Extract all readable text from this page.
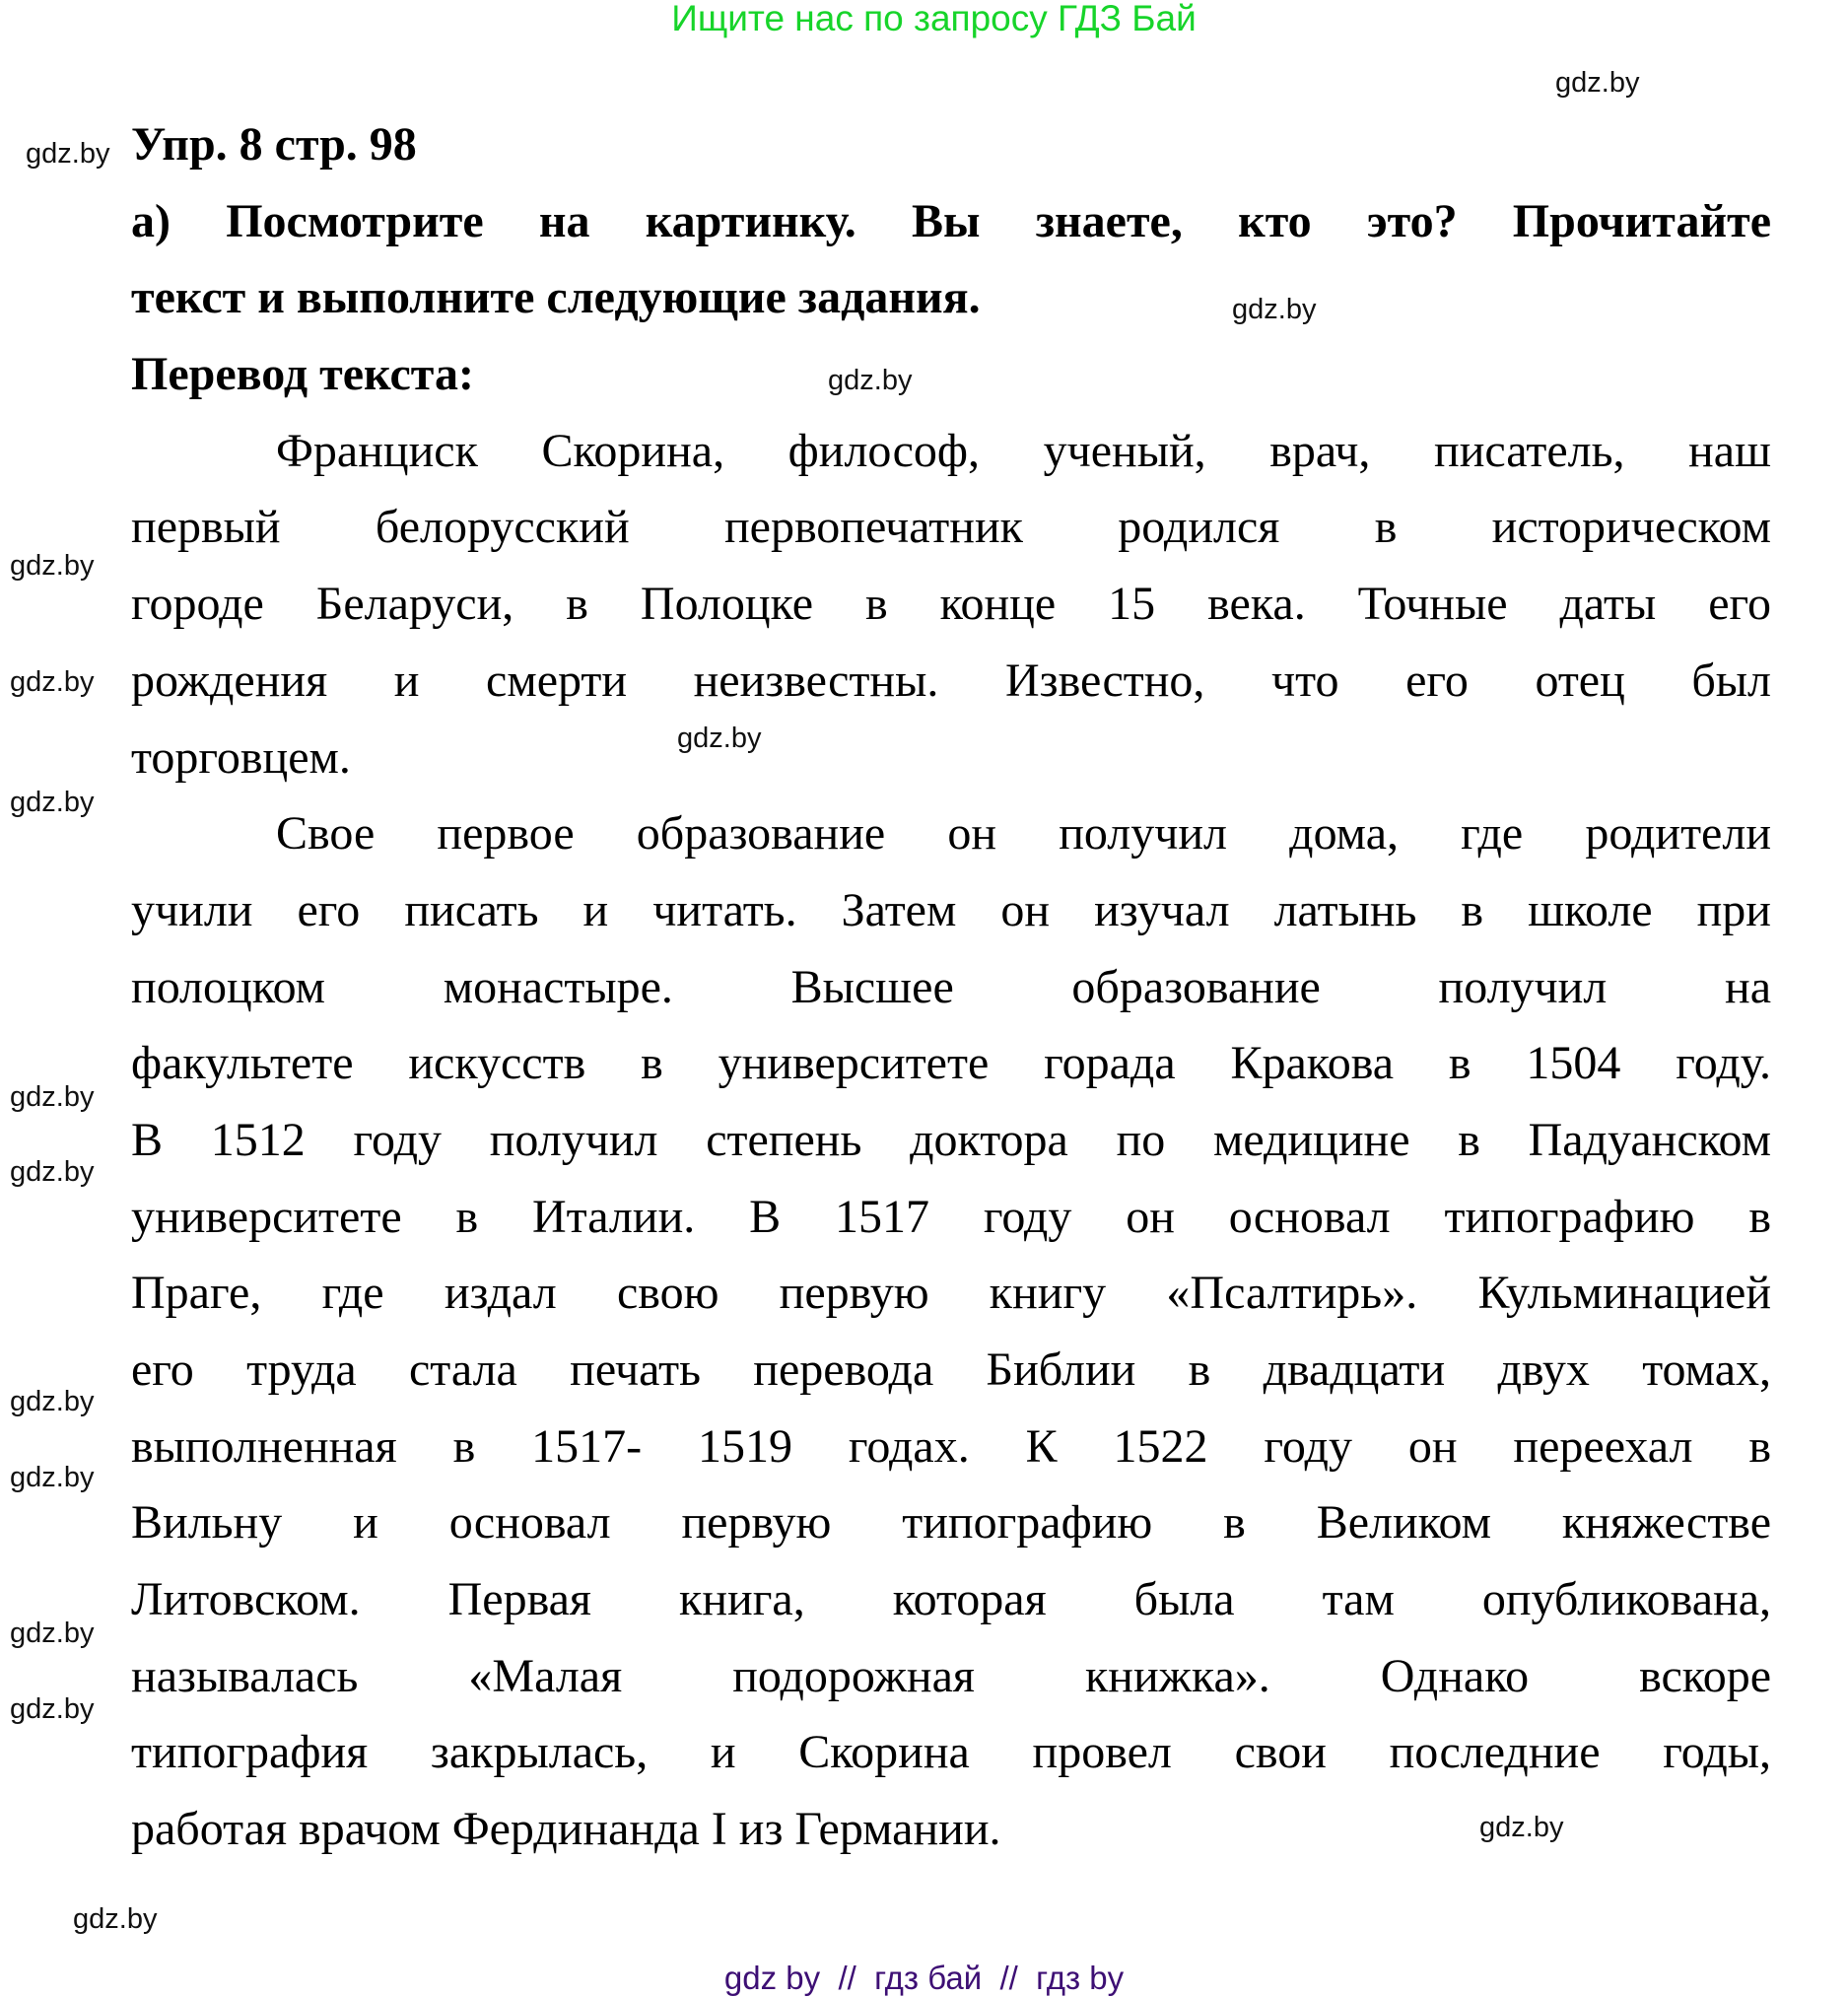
Ищите нас по запросу ГДЗ Бай
Упр. 8 стр. 98
а) Посмотрите на картинку. Вы знаете, кто это? Прочитайте
текст и выполните следующие задания.
Перевод текста:
Франциск Скорина, философ, ученый, врач, писатель, наш
первый белорусский первопечатник родился в историческом
городе Беларуси, в Полоцке в конце 15 века. Точные даты его
рождения и смерти неизвестны. Известно, что его отец был
торговцем.
Свое первое образование он получил дома, где родители
учили его писать и читать. Затем он изучал латынь в школе при
полоцком монастыре. Высшее образование получил на
факультете искусств в университете горада Кракова в 1504 году.
В 1512 году получил степень доктора по медицине в Падуанском
университете в Италии. В 1517 году он основал типографию в
Праге, где издал свою первую книгу «Псалтирь». Кульминацией
его труда стала печать перевода Библии в двадцати двух томах,
выполненная в 1517- 1519 годах. К 1522 году он переехал в
Вильну и основал первую типографию в Великом княжестве
Литовском. Первая книга, которая была там опубликована,
называлась «Малая подорожная книжка». Однако вскоре
типография закрылась, и Скорина провел свои последние годы,
работая врачом Фердинанда I из Германии.
gdz.by
gdz.by
gdz.by
gdz.by
gdz.by
gdz.by
gdz.by
gdz.by
gdz.by
gdz.by
gdz.by
gdz.by
gdz.by
gdz.by
gdz.by
gdz.by
gdz by  //  гдз бай  //  гдз by
